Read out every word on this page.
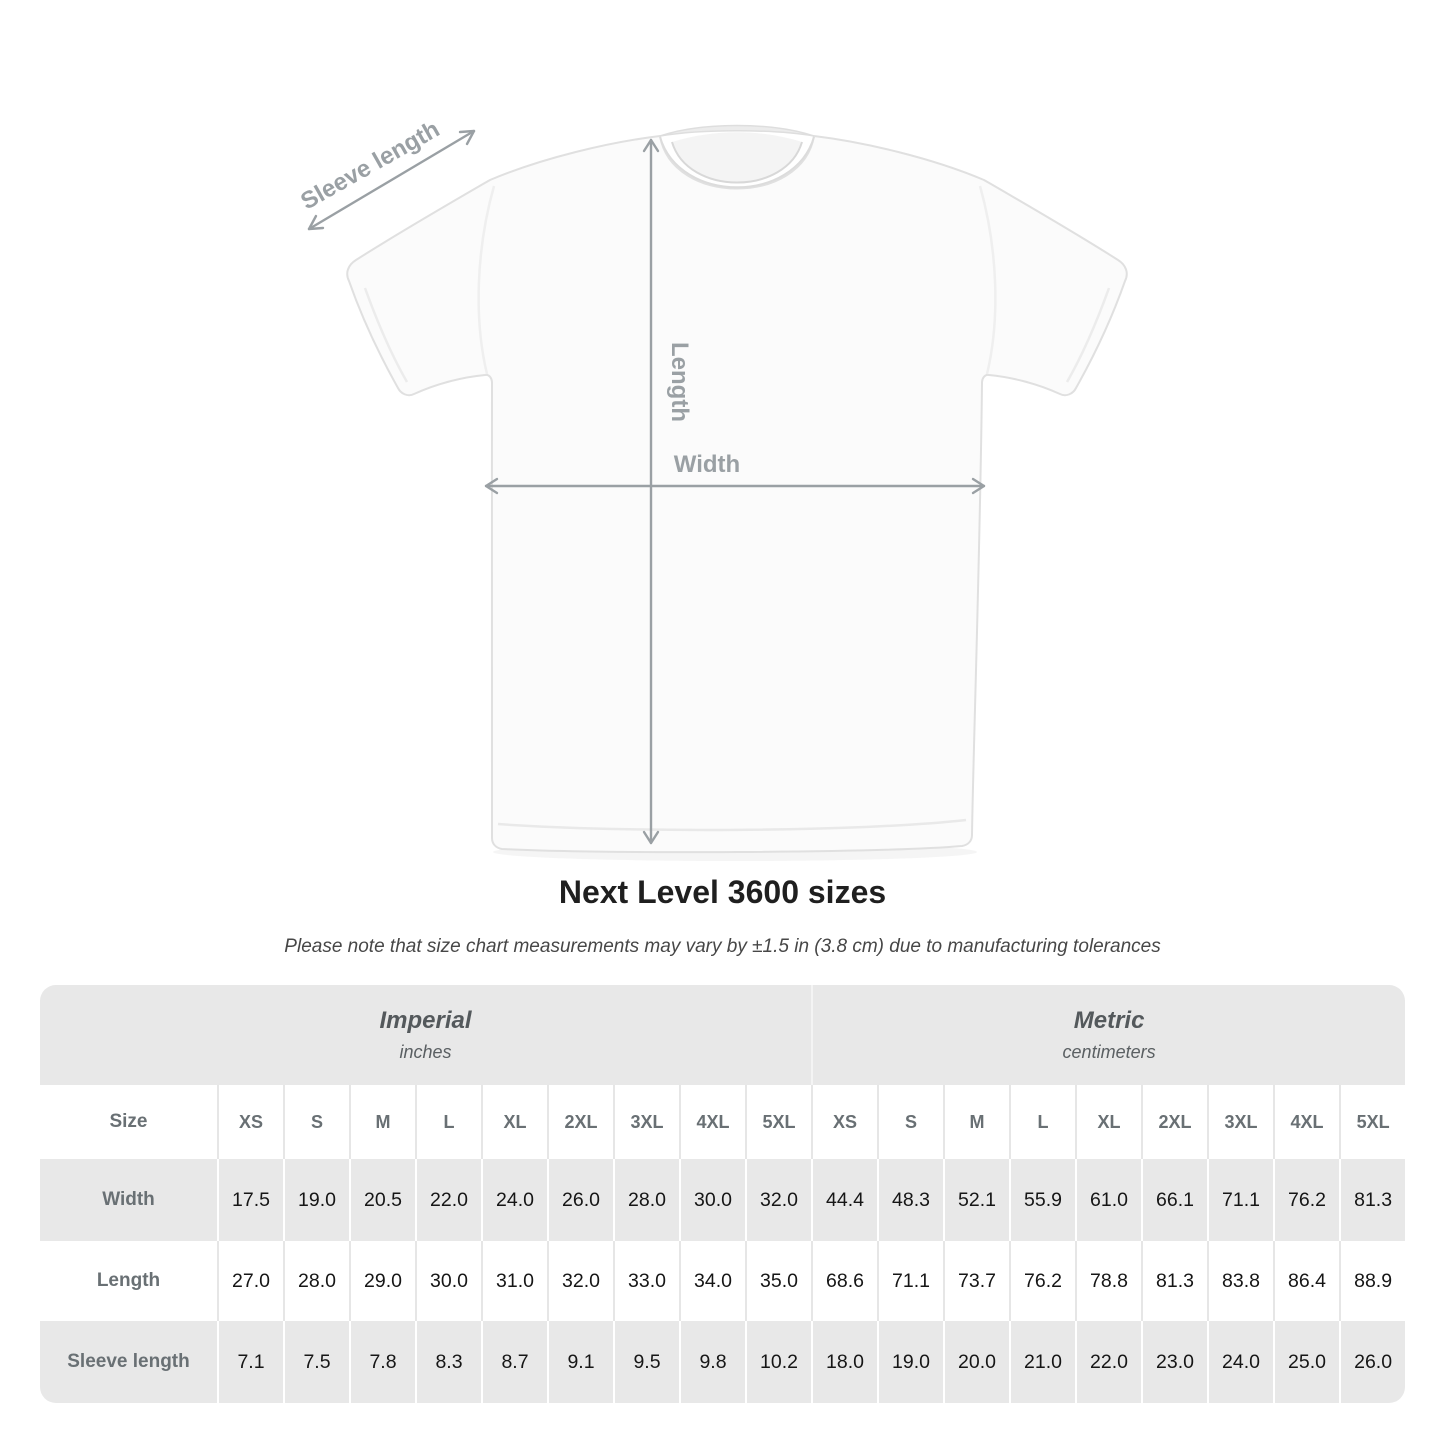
Sleeve length
Length
Width
Next Level 3600 sizes
Please note that size chart measurements may vary by ±1.5 in (3.8 cm) due to manufacturing tolerances
Imperial
inches

Metric
centimeters

Size	XS	S	M	L	XL	2XL	3XL	4XL	5XL	XS	S	M	L	XL	2XL	3XL	4XL	5XL
Width	17.5	19.0	20.5	22.0	24.0	26.0	28.0	30.0	32.0	44.4	48.3	52.1	55.9	61.0	66.1	71.1	76.2	81.3
Length	27.0	28.0	29.0	30.0	31.0	32.0	33.0	34.0	35.0	68.6	71.1	73.7	76.2	78.8	81.3	83.8	86.4	88.9
Sleeve length	7.1	7.5	7.8	8.3	8.7	9.1	9.5	9.8	10.2	18.0	19.0	20.0	21.0	22.0	23.0	24.0	25.0	26.0
